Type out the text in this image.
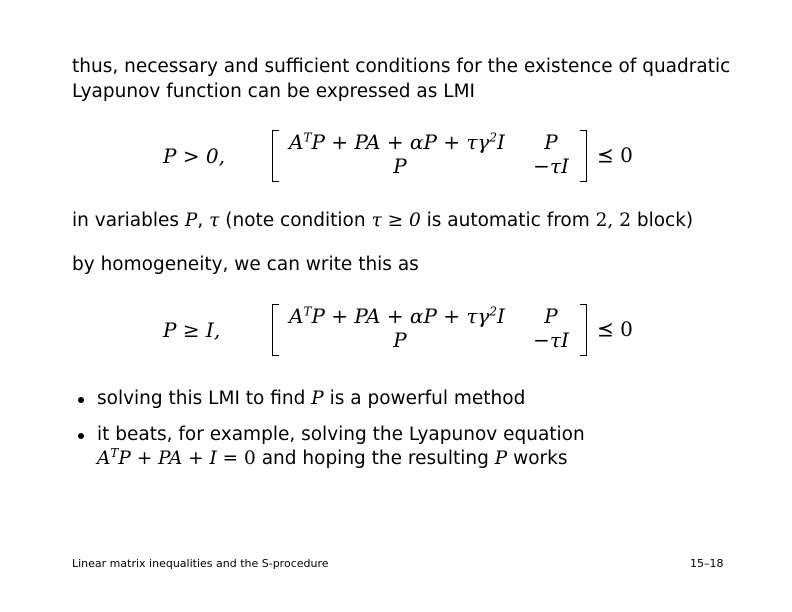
thus, necessary and sufficient conditions for the existence of quadratic
Lyapunov function can be expressed as LMI

P > 0,
$A^TP$ + PA + $\alpha P + \tau\gamma^2I$	P
P	−τI ⪯ 0

in variables P, τ (note condition τ ≥ 0 is automatic from 2, 2 block)

by homogeneity, we can write this as

P ≥ I,
$A^TP$ + PA + $\alpha P + \tau\gamma^2I$	P
P	−τI ⪯ 0
solving this LMI to find P is a powerful method
it beats, for example, solving the Lyapunov equation
$A^TP$ + PA + I = 0 and hoping the resulting P works
Linear matrix inequalities and the S-procedure	15–18
